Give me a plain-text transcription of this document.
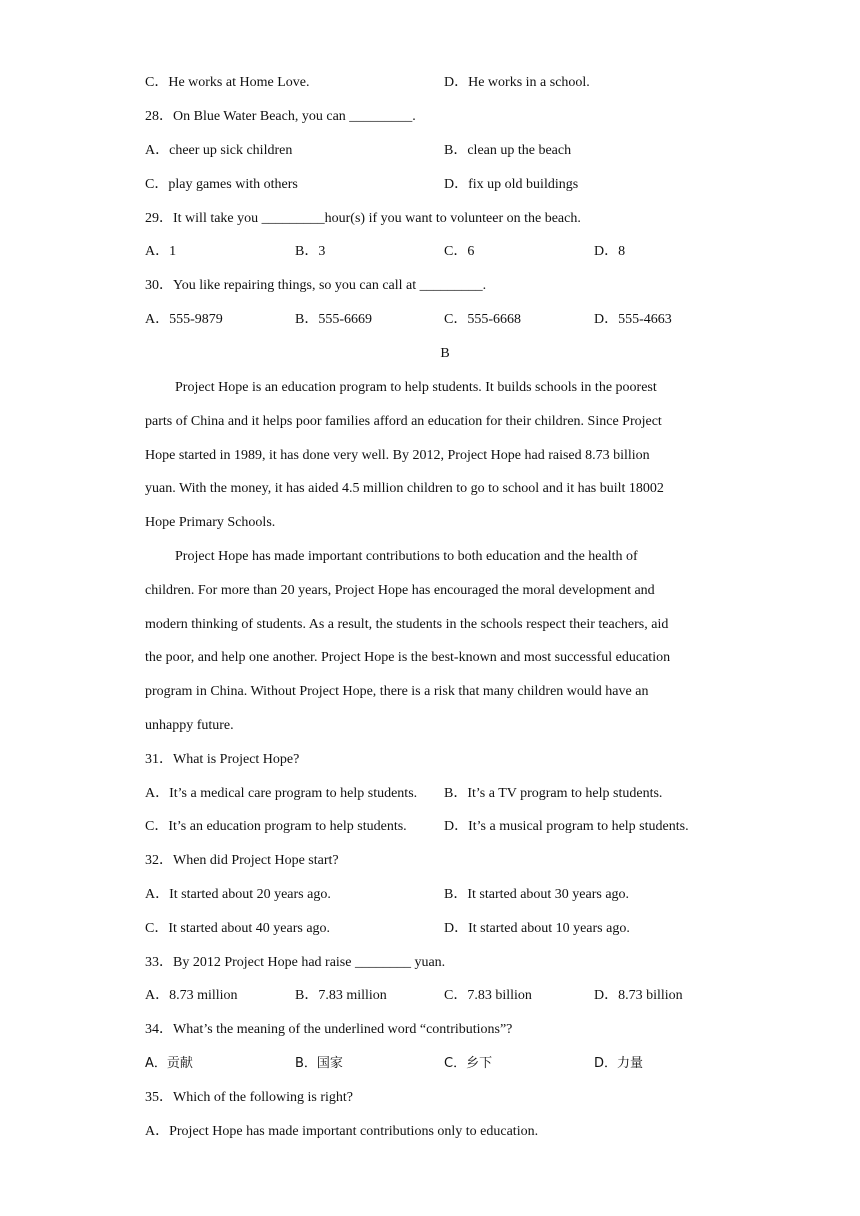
C．He works at Home Love.	D．He works in a school.
28．On Blue Water Beach, you can _________.
A．cheer up sick children	B．clean up the beach
C．play games with others	D．fix up old buildings
29．It will take you _________hour(s) if you want to volunteer on the beach.
A．1	B．3	C．6	D．8
30．You like repairing things, so you can call at _________.
A．555-9879	B．555-6669	C．555-6668	D．555-4663
B
Project Hope is an education program to help students. It builds schools in the poorest
parts of China and it helps poor families afford an education for their children. Since Project
Hope started in 1989, it has done very well. By 2012, Project Hope had raised 8.73 billion
yuan. With the money, it has aided 4.5 million children to go to school and it has built 18002
Hope Primary Schools.
Project Hope has made important contributions to both education and the health of
children. For more than 20 years, Project Hope has encouraged the moral development and
modern thinking of students. As a result, the students in the schools respect their teachers, aid
the poor, and help one another. Project Hope is the best-known and most successful education
program in China. Without Project Hope, there is a risk that many children would have an
unhappy future.
31．What is Project Hope?
A．It’s a medical care program to help students. B．It’s a TV program to help students.
C．It’s an education program to help students.	D．It’s a musical program to help students.
32．When did Project Hope start?
A．It started about 20 years ago.	B．It started about 30 years ago.
C．It started about 40 years ago.	D．It started about 10 years ago.
33．By 2012 Project Hope had raise ________ yuan.
A．8.73 million	B．7.83 million	C．7.83 billion	D．8.73 billion
34．What’s the meaning of the underlined word “contributions”?
A．贡献	B．国家	C．乡下	D．力量
35．Which of the following is right?
A．Project Hope has made important contributions only to education.
